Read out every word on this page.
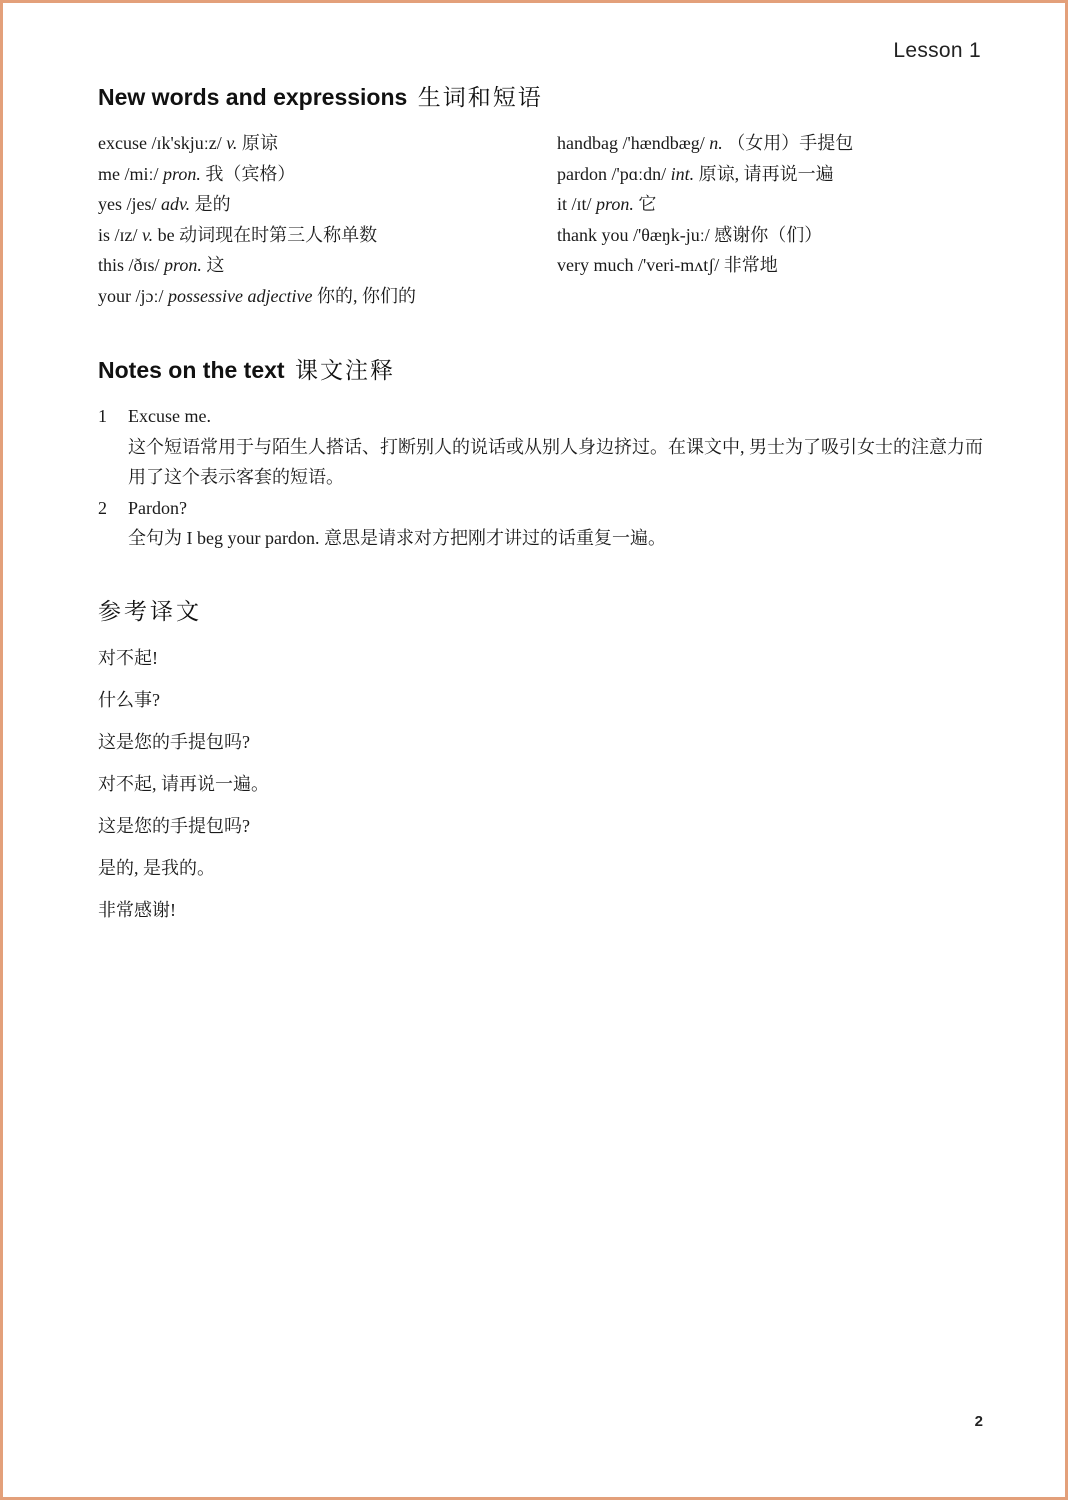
Lesson 1
New words and expressions 生词和短语
excuse /ɪk'skjuːz/ v. 原谅
me /miː/ pron. 我（宾格）
yes /jes/ adv. 是的
is /ɪz/ v. be 动词现在时第三人称单数
this /ðɪs/ pron. 这
your /jɔː/ possessive adjective 你的, 你们的
handbag /'hændbæg/ n. （女用）手提包
pardon /'pɑːdn/ int. 原谅, 请再说一遍
it /ɪt/ pron. 它
thank you /'θæŋk-juː/ 感谢你（们）
very much /'veri-mʌtʃ/ 非常地
Notes on the text 课文注释
1	Excuse me.
这个短语常用于与陌生人搭话、打断别人的说话或从别人身边挤过。在课文中, 男士为了吸引女士的注意力而用了这个表示客套的短语。
2	Pardon?
全句为 I beg your pardon. 意思是请求对方把刚才讲过的话重复一遍。
参考译文
对不起!
什么事?
这是您的手提包吗?
对不起, 请再说一遍。
这是您的手提包吗?
是的, 是我的。
非常感谢!
2
